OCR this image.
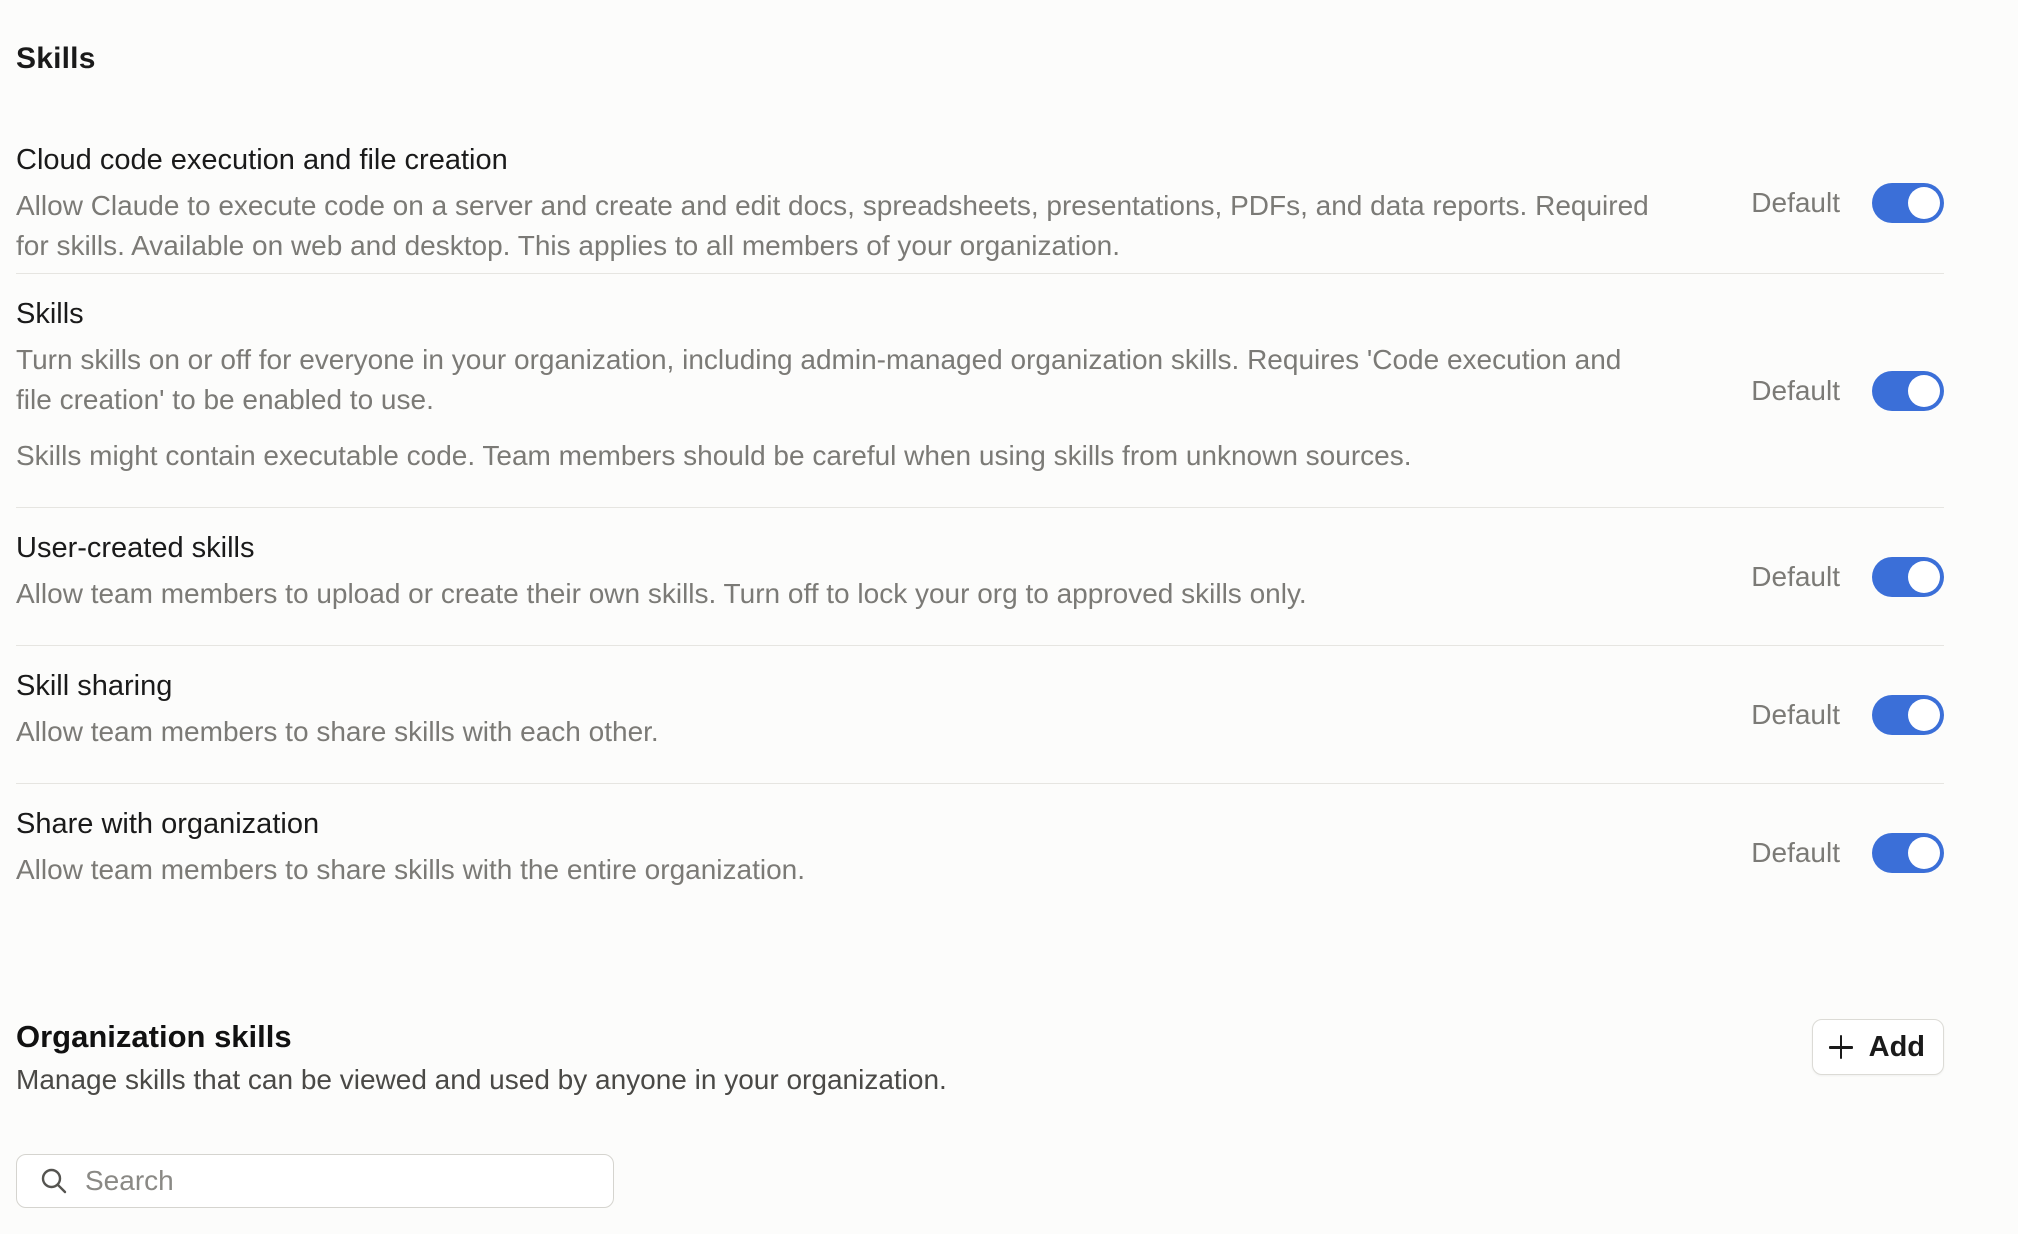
Skills
Cloud code execution and file creation
Allow Claude to execute code on a server and create and edit docs, spreadsheets, presentations, PDFs, and data reports. Required for skills. Available on web and desktop. This applies to all members of your organization.
Default
Skills
Turn skills on or off for everyone in your organization, including admin-managed organization skills. Requires 'Code execution and file creation' to be enabled to use.
Skills might contain executable code. Team members should be careful when using skills from unknown sources.
Default
User-created skills
Allow team members to upload or create their own skills. Turn off to lock your org to approved skills only.
Default
Skill sharing
Allow team members to share skills with each other.
Default
Share with organization
Allow team members to share skills with the entire organization.
Default
Organization skills
Manage skills that can be viewed and used by anyone in your organization.
Add
Search
